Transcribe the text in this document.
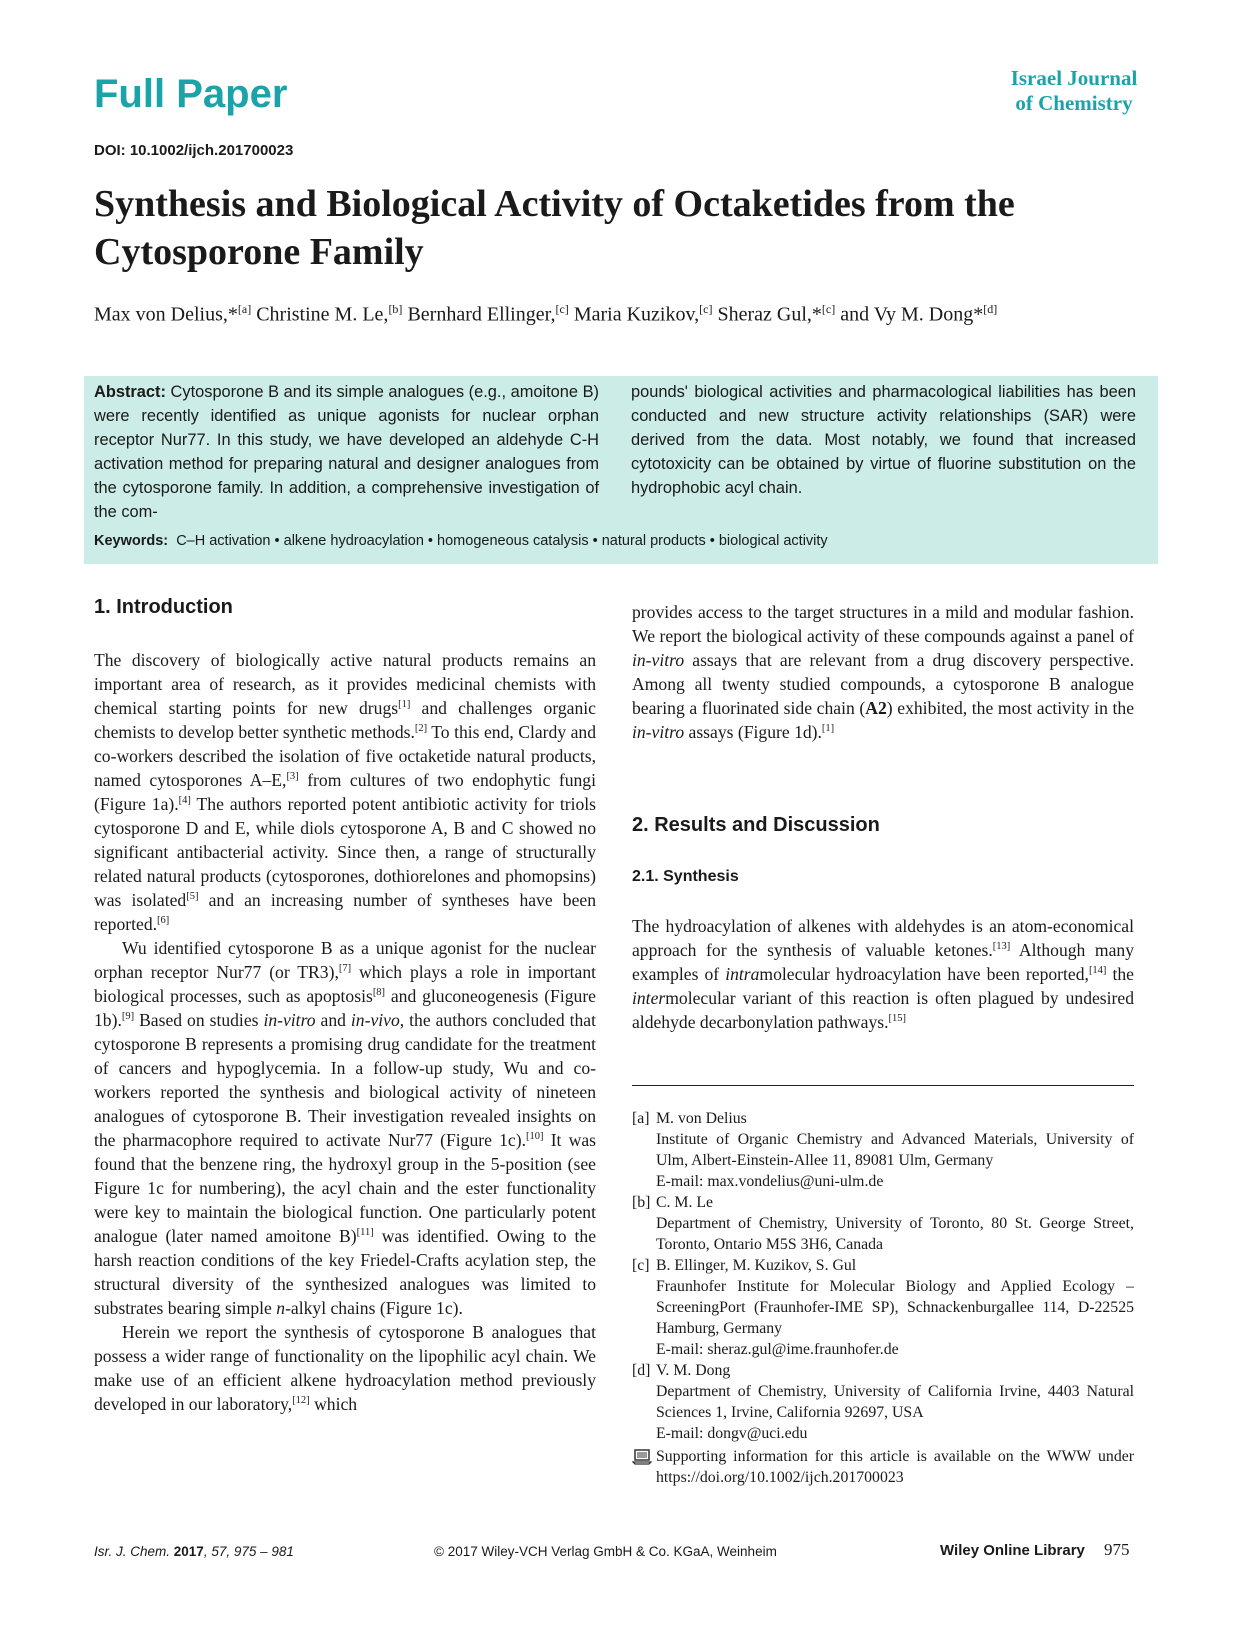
Full Paper	Israel Journal
of Chemistry
DOI: 10.1002/ijch.201700023
Synthesis and Biological Activity of Octaketides from the
Cytosporone Family
Max von Delius,*[a] Christine M. Le,[b] Bernhard Ellinger,[c] Maria Kuzikov,[c] Sheraz Gul,*[c] and Vy M. Dong*[d]
Abstract: Cytosporone B and its simple analogues (e.g., amoitone B) were recently identified as unique agonists for nuclear orphan receptor Nur77. In this study, we have developed an aldehyde C-H activation method for preparing natural and designer analogues from the cytosporone family. In addition, a comprehensive investigation of the com-
pounds' biological activities and pharmacological liabilities has been conducted and new structure activity relationships (SAR) were derived from the data. Most notably, we found that increased cytotoxicity can be obtained by virtue of fluorine substitution on the hydrophobic acyl chain.
Keywords: C–H activation • alkene hydroacylation • homogeneous catalysis • natural products • biological activity
1. Introduction

The discovery of biologically active natural products remains an important area of research, as it provides medicinal chemists with chemical starting points for new drugs[1] and challenges organic chemists to develop better synthetic methods.[2] To this end, Clardy and co-workers described the isolation of five octaketide natural products, named cytosporones A–E,[3] from cultures of two endophytic fungi (Figure 1a).[4] The authors reported potent antibiotic activity for triols cytosporone D and E, while diols cytosporone A, B and C showed no significant antibacterial activity. Since then, a range of structurally related natural products (cytosporones, dothiorelones and phomopsins) was isolated[5] and an increasing number of syntheses have been reported.[6]

Wu identified cytosporone B as a unique agonist for the nuclear orphan receptor Nur77 (or TR3),[7] which plays a role in important biological processes, such as apoptosis[8] and gluconeogenesis (Figure 1b).[9] Based on studies in-vitro and in-vivo, the authors concluded that cytosporone B represents a promising drug candidate for the treatment of cancers and hypoglycemia. In a follow-up study, Wu and co-workers reported the synthesis and biological activity of nineteen analogues of cytosporone B. Their investigation revealed insights on the pharmacophore required to activate Nur77 (Figure 1c).[10] It was found that the benzene ring, the hydroxyl group in the 5-position (see Figure 1c for numbering), the acyl chain and the ester functionality were key to maintain the biological function. One particularly potent analogue (later named amoitone B)[11] was identified. Owing to the harsh reaction conditions of the key Friedel-Crafts acylation step, the structural diversity of the synthesized analogues was limited to substrates bearing simple n-alkyl chains (Figure 1c).

Herein we report the synthesis of cytosporone B analogues that possess a wider range of functionality on the lipophilic acyl chain. We make use of an efficient alkene hydroacylation method previously developed in our laboratory,[12] which

provides access to the target structures in a mild and modular fashion. We report the biological activity of these compounds against a panel of in-vitro assays that are relevant from a drug discovery perspective. Among all twenty studied compounds, a cytosporone B analogue bearing a fluorinated side chain (A2) exhibited, the most activity in the in-vitro assays (Figure 1d).[1]

2. Results and Discussion
2.1. Synthesis

The hydroacylation of alkenes with aldehydes is an atom-economical approach for the synthesis of valuable ketones.[13] Although many examples of intramolecular hydroacylation have been reported,[14] the intermolecular variant of this reaction is often plagued by undesired aldehyde decarbonylation pathways.[15]

[a] M. von Delius
Institute of Organic Chemistry and Advanced Materials, University of Ulm, Albert-Einstein-Allee 11, 89081 Ulm, Germany
E-mail: max.vondelius@uni-ulm.de
[b] C. M. Le
Department of Chemistry, University of Toronto, 80 St. George Street, Toronto, Ontario M5S 3H6, Canada
[c] B. Ellinger, M. Kuzikov, S. Gul
Fraunhofer Institute for Molecular Biology and Applied Ecology – ScreeningPort (Fraunhofer-IME SP), Schnackenburgallee 114, D-22525 Hamburg, Germany
E-mail: sheraz.gul@ime.fraunhofer.de
[d] V. M. Dong
Department of Chemistry, University of California Irvine, 4403 Natural Sciences 1, Irvine, California 92697, USA
E-mail: dongv@uci.edu
Supporting information for this article is available on the WWW under https://doi.org/10.1002/ijch.201700023
Isr. J. Chem. 2017, 57, 975 – 981	© 2017 Wiley-VCH Verlag GmbH & Co. KGaA, Weinheim	Wiley Online Library 975
